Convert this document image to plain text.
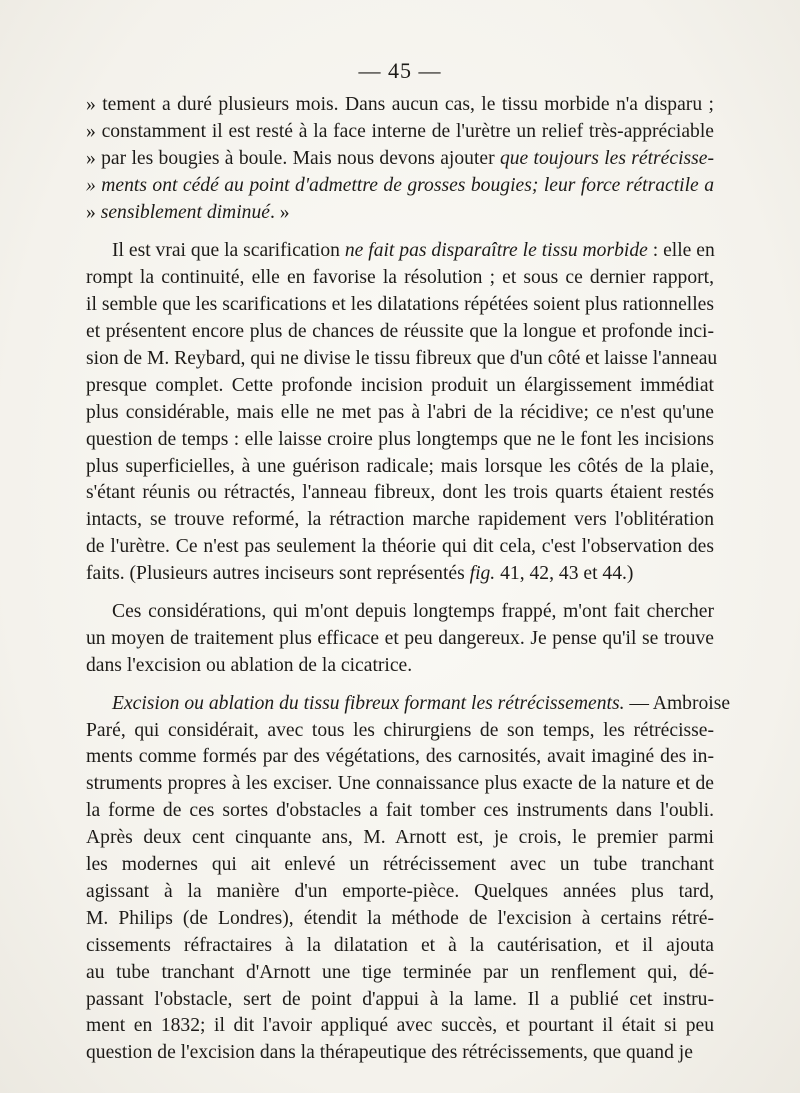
— 45 —
» tement a duré plusieurs mois. Dans aucun cas, le tissu morbide n'a disparu ;
» constamment il est resté à la face interne de l'urètre un relief très-appréciable
» par les bougies à boule. Mais nous devons ajouter que toujours les rétrécisse-
» ments ont cédé au point d'admettre de grosses bougies; leur force rétractile a
» sensiblement diminué. »
Il est vrai que la scarification ne fait pas disparaître le tissu morbide : elle en
rompt la continuité, elle en favorise la résolution ; et sous ce dernier rapport,
il semble que les scarifications et les dilatations répétées soient plus rationnelles
et présentent encore plus de chances de réussite que la longue et profonde inci-
sion de M. Reybard, qui ne divise le tissu fibreux que d'un côté et laisse l'anneau
presque complet. Cette profonde incision produit un élargissement immédiat
plus considérable, mais elle ne met pas à l'abri de la récidive; ce n'est qu'une
question de temps : elle laisse croire plus longtemps que ne le font les incisions
plus superficielles, à une guérison radicale; mais lorsque les côtés de la plaie,
s'étant réunis ou rétractés, l'anneau fibreux, dont les trois quarts étaient restés
intacts, se trouve reformé, la rétraction marche rapidement vers l'oblitération
de l'urètre. Ce n'est pas seulement la théorie qui dit cela, c'est l'observation des
faits. (Plusieurs autres inciseurs sont représentés fig. 41, 42, 43 et 44.)
Ces considérations, qui m'ont depuis longtemps frappé, m'ont fait chercher
un moyen de traitement plus efficace et peu dangereux. Je pense qu'il se trouve
dans l'excision ou ablation de la cicatrice.
Excision ou ablation du tissu fibreux formant les rétrécissements. — Ambroise
Paré, qui considérait, avec tous les chirurgiens de son temps, les rétrécisse-
ments comme formés par des végétations, des carnosités, avait imaginé des in-
struments propres à les exciser. Une connaissance plus exacte de la nature et de
la forme de ces sortes d'obstacles a fait tomber ces instruments dans l'oubli.
Après deux cent cinquante ans, M. Arnott est, je crois, le premier parmi
les modernes qui ait enlevé un rétrécissement avec un tube tranchant
agissant à la manière d'un emporte-pièce. Quelques années plus tard,
M. Philips (de Londres), étendit la méthode de l'excision à certains rétré-
cissements réfractaires à la dilatation et à la cautérisation, et il ajouta
au tube tranchant d'Arnott une tige terminée par un renflement qui, dé-
passant l'obstacle, sert de point d'appui à la lame. Il a publié cet instru-
ment en 1832; il dit l'avoir appliqué avec succès, et pourtant il était si peu
question de l'excision dans la thérapeutique des rétrécissements, que quand je
